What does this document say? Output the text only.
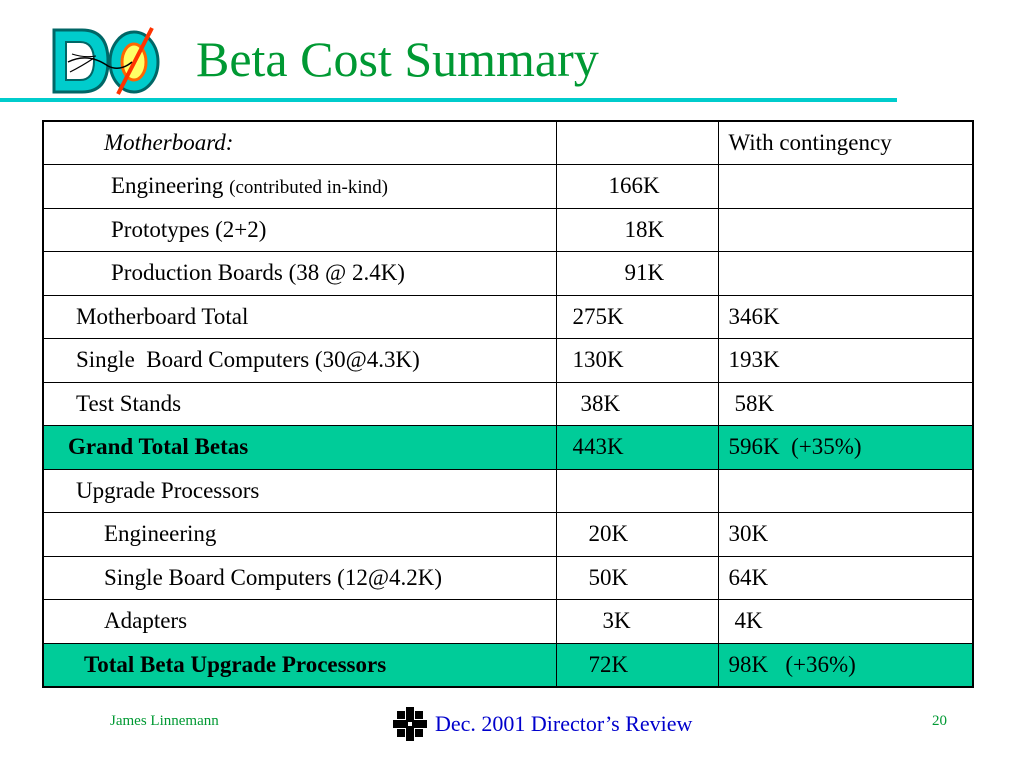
Beta Cost Summary
Motherboard:		With contingency
Engineering (contributed in-kind)	166K	
Prototypes (2+2)	18K	
Production Boards (38 @ 2.4K)	91K	
Motherboard Total	275K	346K
Single  Board Computers (30@4.3K)	130K	193K
Test Stands	38K	58K
Grand Total Betas	443K	596K  (+35%)
Upgrade Processors		
Engineering	20K	30K
Single Board Computers (12@4.2K)	50K	64K
Adapters	3K	4K
Total Beta Upgrade Processors	72K	98K   (+36%)
James Linnemann	Dec. 2001 Director’s Review	20
